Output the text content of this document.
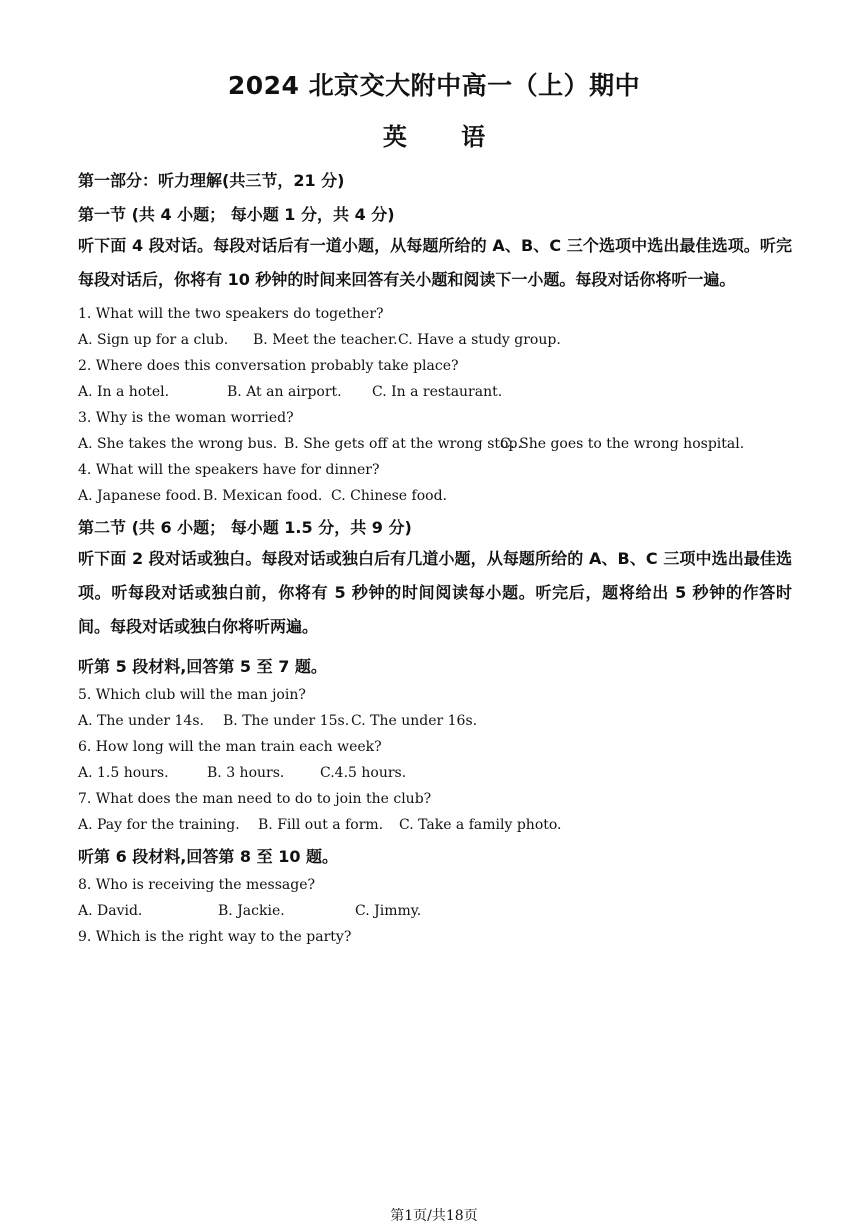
2024 北京交大附中高一（上）期中
英 语

第一部分：听力理解(共三节，21 分)

第一节 (共 4 小题； 每小题 1 分，共 4 分)

听下面 4 段对话。每段对话后有一道小题，从每题所给的 A、B、C 三个选项中选出最佳选项。听完每段对话后，你将有 10 秒钟的时间来回答有关小题和阅读下一小题。每段对话你将听一遍。

1. What will the two speakers do together?

A. Sign up for a club.	B. Meet the teacher. C. Have a study group.

2. Where does this conversation probably take place?

A. In a hotel.	B. At an airport.	C. In a restaurant.

3. Why is the woman worried?

A. She takes the wrong bus. B. She gets off at the wrong stop.
C. She goes to the wrong hospital.

4. What will the speakers have for dinner?

A. Japanese food. B. Mexican food. C. Chinese food.

第二节 (共 6 小题； 每小题 1.5 分，共 9 分)

听下面 2 段对话或独白。每段对话或独白后有几道小题，从每题所给的 A、B、C 三项中选出最佳选项。听每段对话或独白前，你将有 5 秒钟的时间阅读每小题。听完后，题将给出 5 秒钟的作答时间。每段对话或独白你将听两遍。

听第 5 段材料,回答第 5 至 7 题。

5. Which club will the man join?

A. The under 14s.	B. The under 15s. C. The under 16s.

6. How long will the man train each week?

A. 1.5 hours.	B. 3 hours.	C.4.5 hours.

7. What does the man need to do to join the club?

A. Pay for the training.	B. Fill out a form.	C. Take a family photo.

听第 6 段材料,回答第 8 至 10 题。

8. Who is receiving the message?

A. David.	B. Jackie.	C. Jimmy.

9. Which is the right way to the party?

第1页/共18页
